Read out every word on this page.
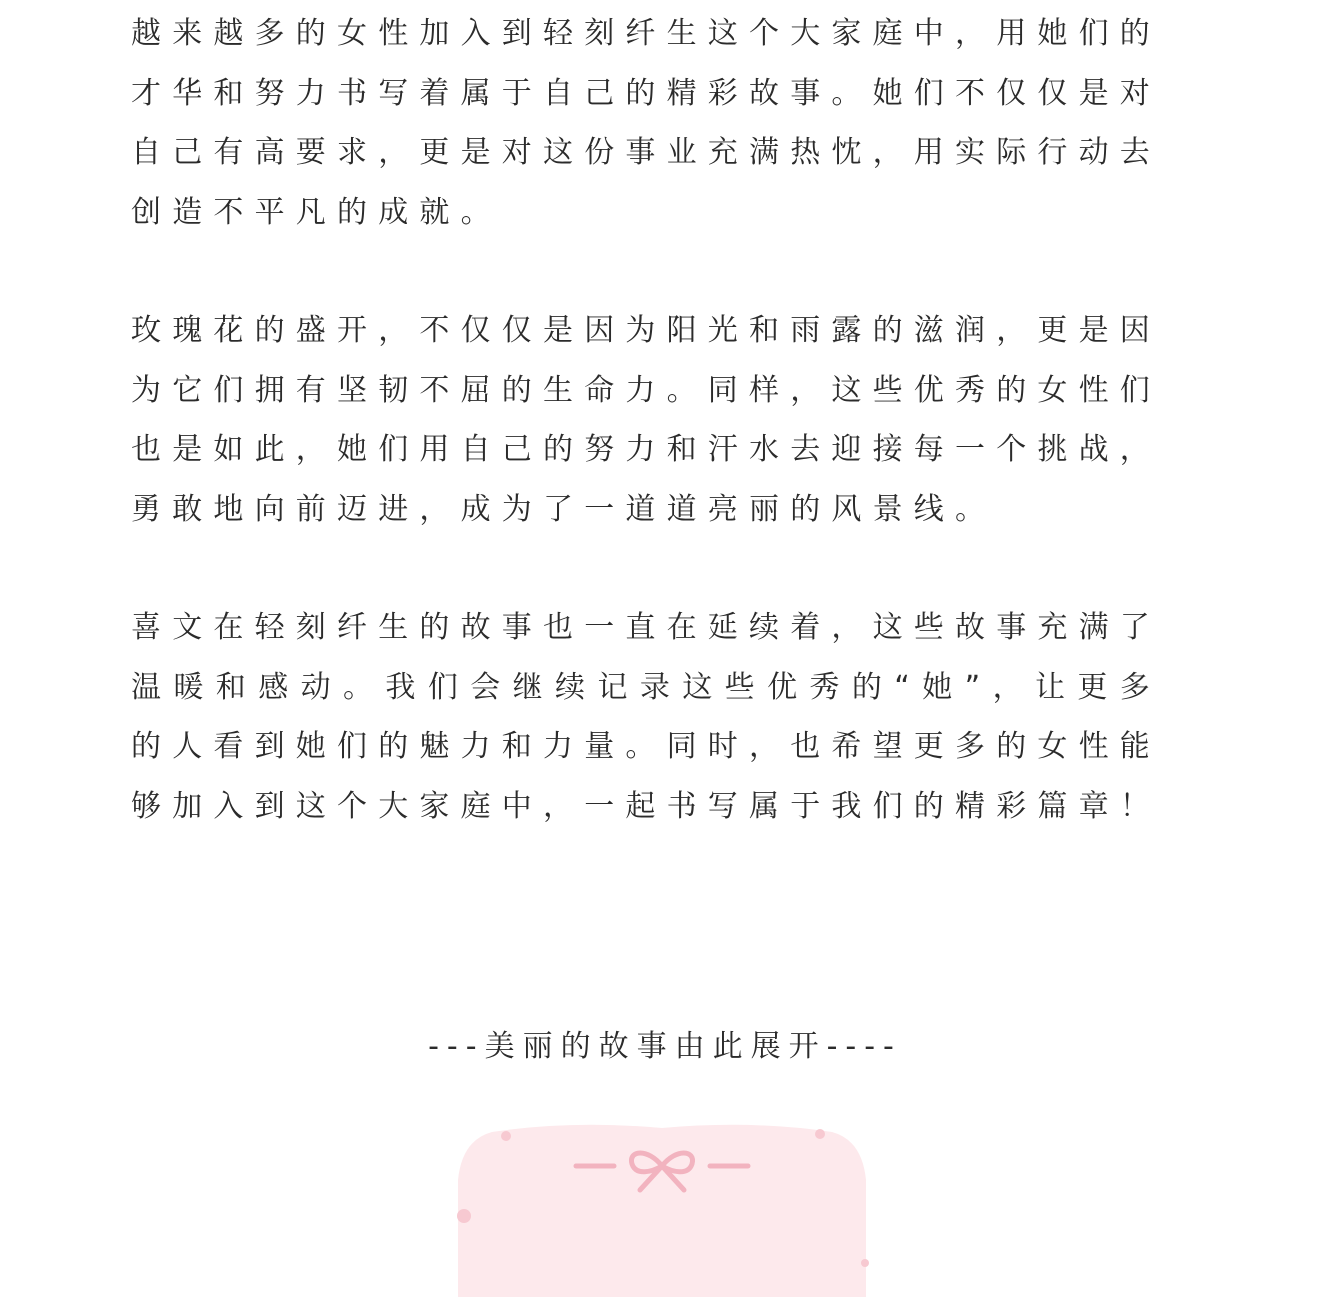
越来越多的女性加入到轻刻纤生这个大家庭中，用她们的才华和努力书写着属于自己的精彩故事。她们不仅仅是对自己有高要求，更是对这份事业充满热忱，用实际行动去创造不平凡的成就。

玫瑰花的盛开，不仅仅是因为阳光和雨露的滋润，更是因为它们拥有坚韧不屈的生命力。同样，这些优秀的女性们也是如此，她们用自己的努力和汗水去迎接每一个挑战，勇敢地向前迈进，成为了一道道亮丽的风景线。

喜文在轻刻纤生的故事也一直在延续着，这些故事充满了温暖和感动。我们会继续记录这些优秀的“她”，让更多的人看到她们的魅力和力量。同时，也希望更多的女性能够加入到这个大家庭中，一起书写属于我们的精彩篇章！

---美丽的故事由此展开----
